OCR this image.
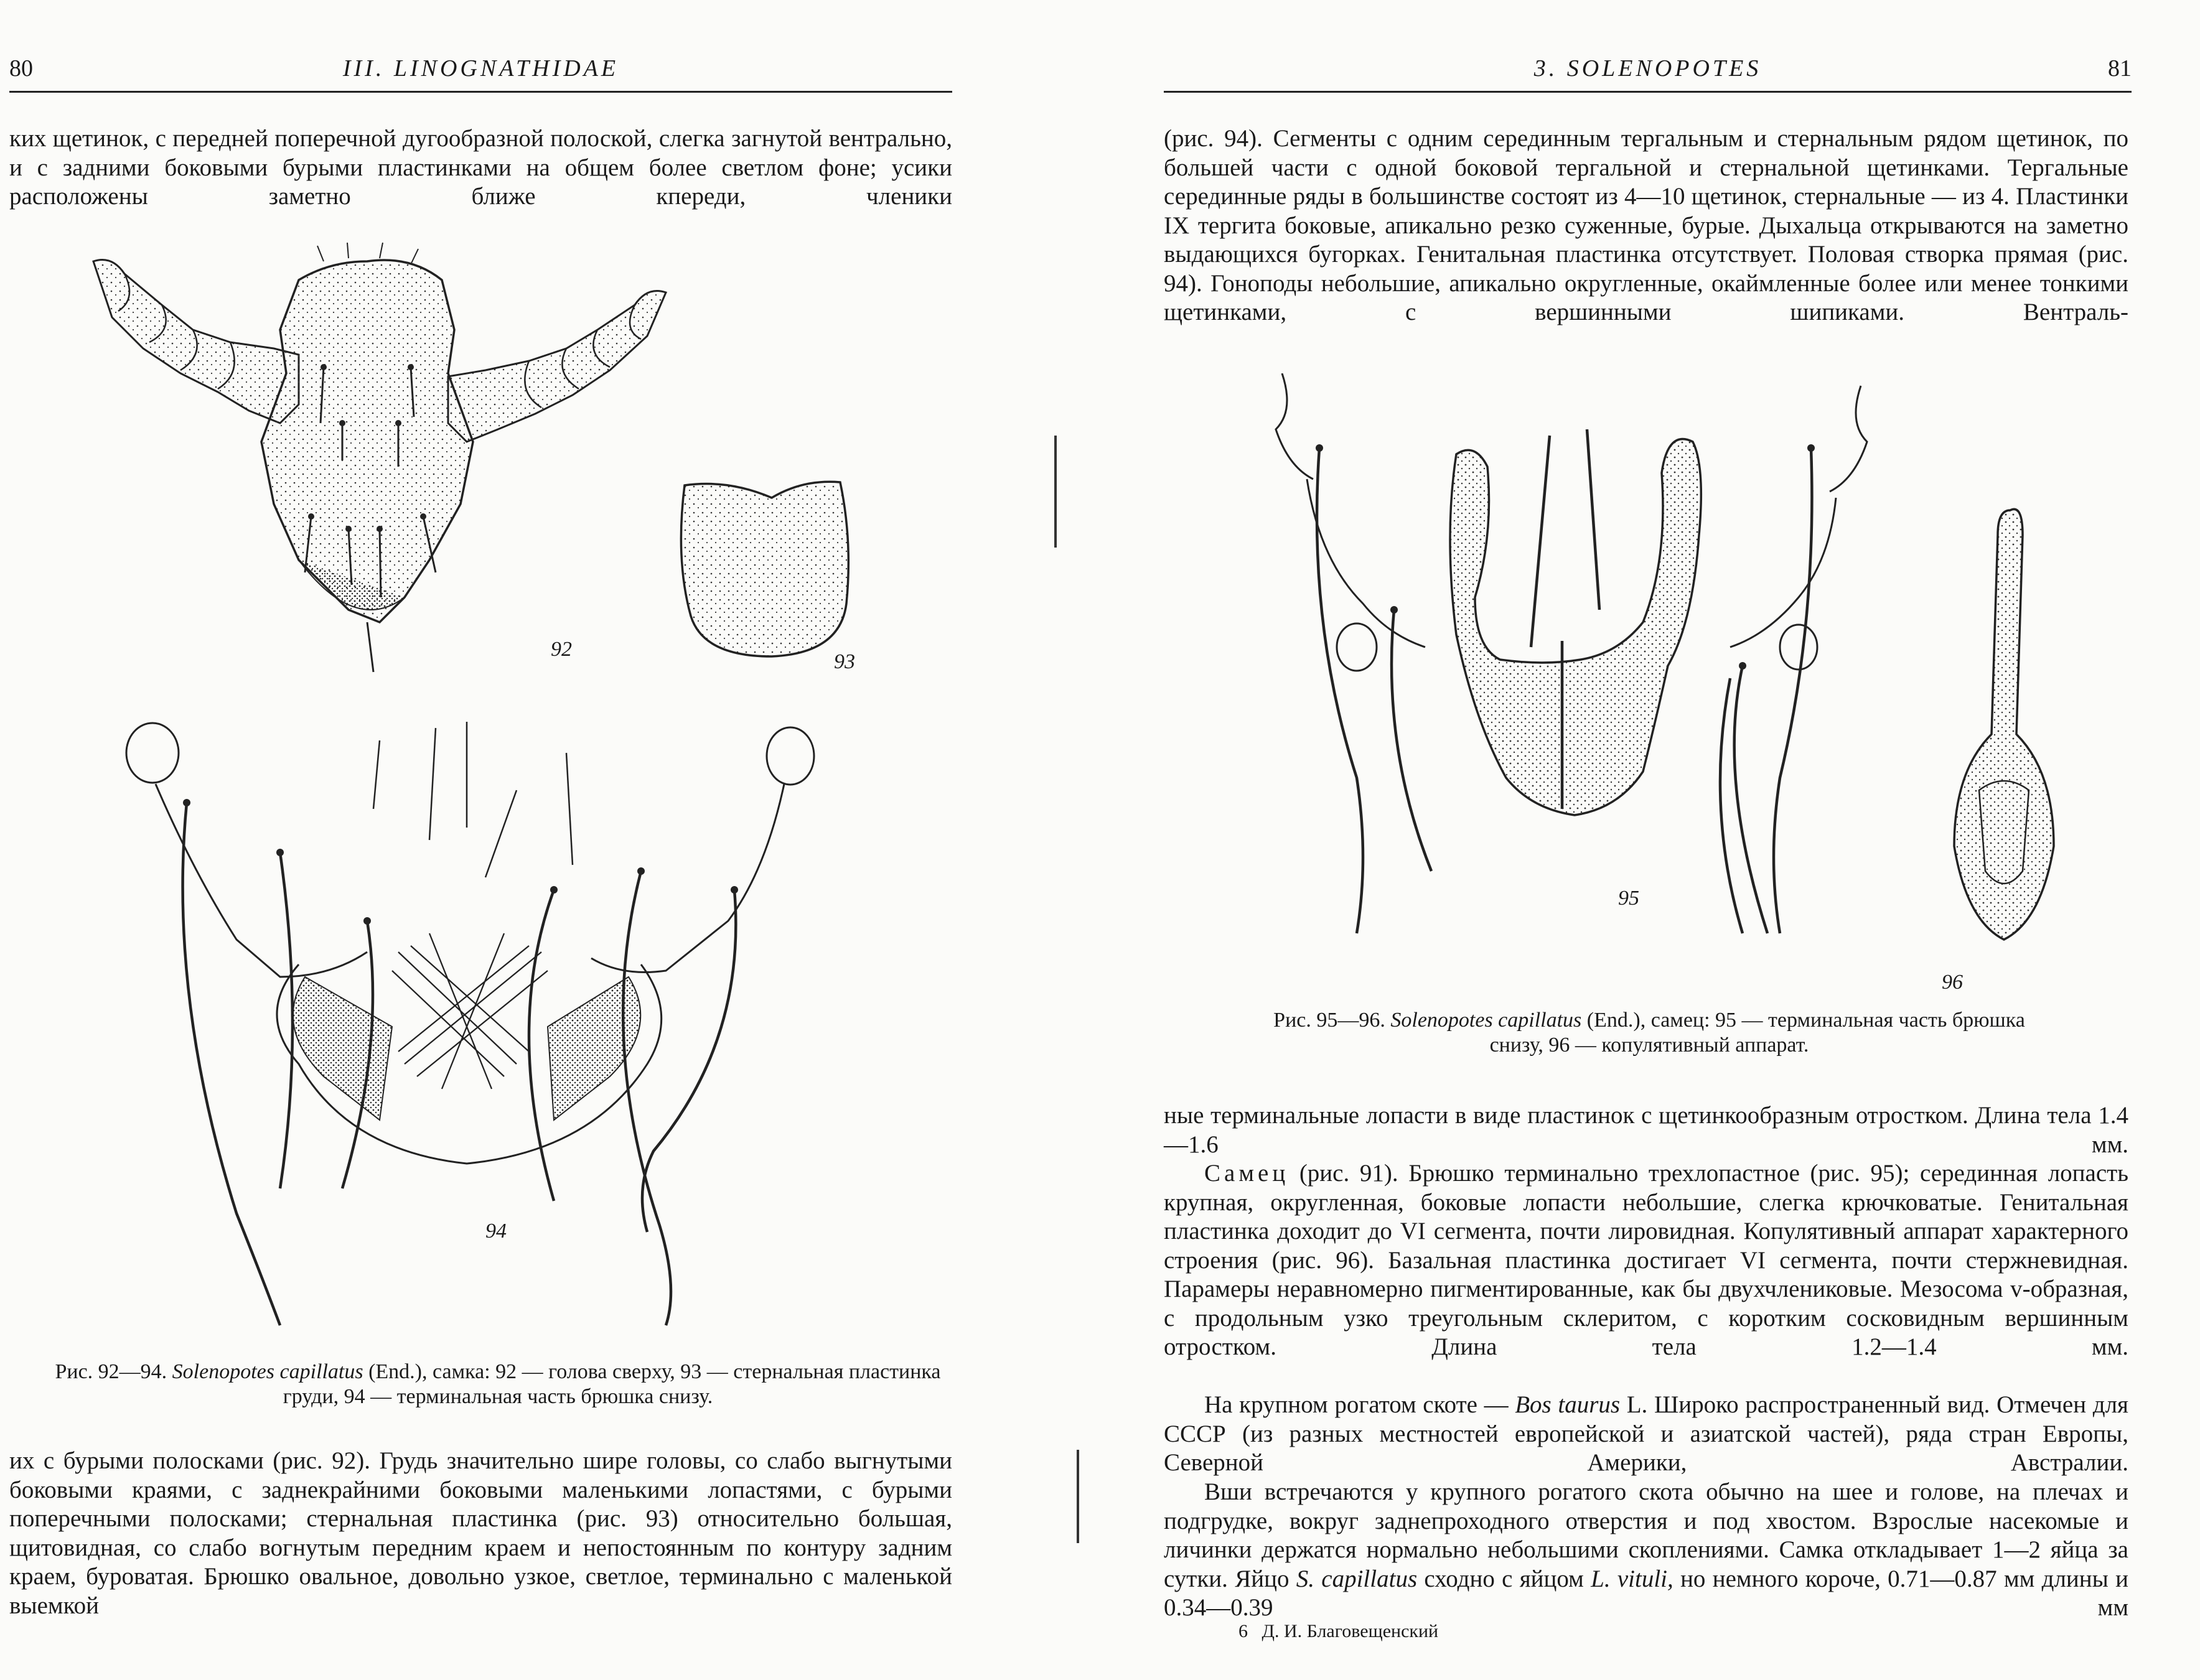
80	III. LINOGNATHIDAE
ких щетинок, с передней поперечной дугообразной полоской, слегка загнутой вентрально, и с задними боковыми бурыми пластинками на общем более светлом фоне; усики расположены заметно ближе кпереди, членики
92
93
94
Рис. 92—94. Solenopotes capillatus (End.), самка: 92 — голова сверху, 93 — стернальная пластинка груди, 94 — терминальная часть брюшка снизу.
их с бурыми полосками (рис. 92). Грудь значительно шире головы, со слабо выгнутыми боковыми краями, с заднекрайними боковыми маленькими лопастями, с бурыми поперечными полосками; стернальная пластинка (рис. 93) относительно большая, щитовидная, со слабо вогнутым передним краем и непостоянным по контуру задним краем, буроватая. Брюшко овальное, довольно узкое, светлое, терминально с маленькой выемкой
3. SOLENOPOTES	81
(рис. 94). Сегменты с одним серединным тергальным и стернальным рядом щетинок, по большей части с одной боковой тергальной и стернальной щетинками. Тергальные серединные ряды в большинстве состоят из 4—10 щетинок, стернальные — из 4. Пластинки IX тергита боковые, апикально резко суженные, бурые. Дыхальца открываются на заметно выдающихся бугорках. Генитальная пластинка отсутствует. Половая створка прямая (рис. 94). Гоноподы небольшие, апикально округленные, окаймленные более или менее тонкими щетинками, с вершинными шипиками. Вентраль-
95
96
Рис. 95—96. Solenopotes capillatus (End.), самец: 95 — терминальная часть брюшка снизу, 96 — копулятивный аппарат.
ные терминальные лопасти в виде пластинок с щетинкообразным отростком. Длина тела 1.4—1.6 мм.
Самец (рис. 91). Брюшко терминально трехлопастное (рис. 95); серединная лопасть крупная, округленная, боковые лопасти небольшие, слегка крючковатые. Генитальная пластинка доходит до VI сегмента, почти лировидная. Копулятивный аппарат характерного строения (рис. 96). Базальная пластинка достигает VI сегмента, почти стержневидная. Парамеры неравномерно пигментированные, как бы двухчлениковые. Мезосома v-образная, с продольным узко треугольным склеритом, с коротким сосковидным вершинным отростком. Длина тела 1.2—1.4 мм.
На крупном рогатом скоте — Bos taurus L. Широко распространенный вид. Отмечен для СССР (из разных местностей европейской и азиатской частей), ряда стран Европы, Северной Америки, Австралии.
Вши встречаются у крупного рогатого скота обычно на шее и голове, на плечах и подгрудке, вокруг заднепроходного отверстия и под хвостом. Взрослые насекомые и личинки держатся нормально небольшими скоплениями. Самка откладывает 1—2 яйца за сутки. Яйцо S. capillatus сходно с яйцом L. vituli, но немного короче, 0.71—0.87 мм длины и 0.34—0.39 мм
6 Д. И. Благовещенский
